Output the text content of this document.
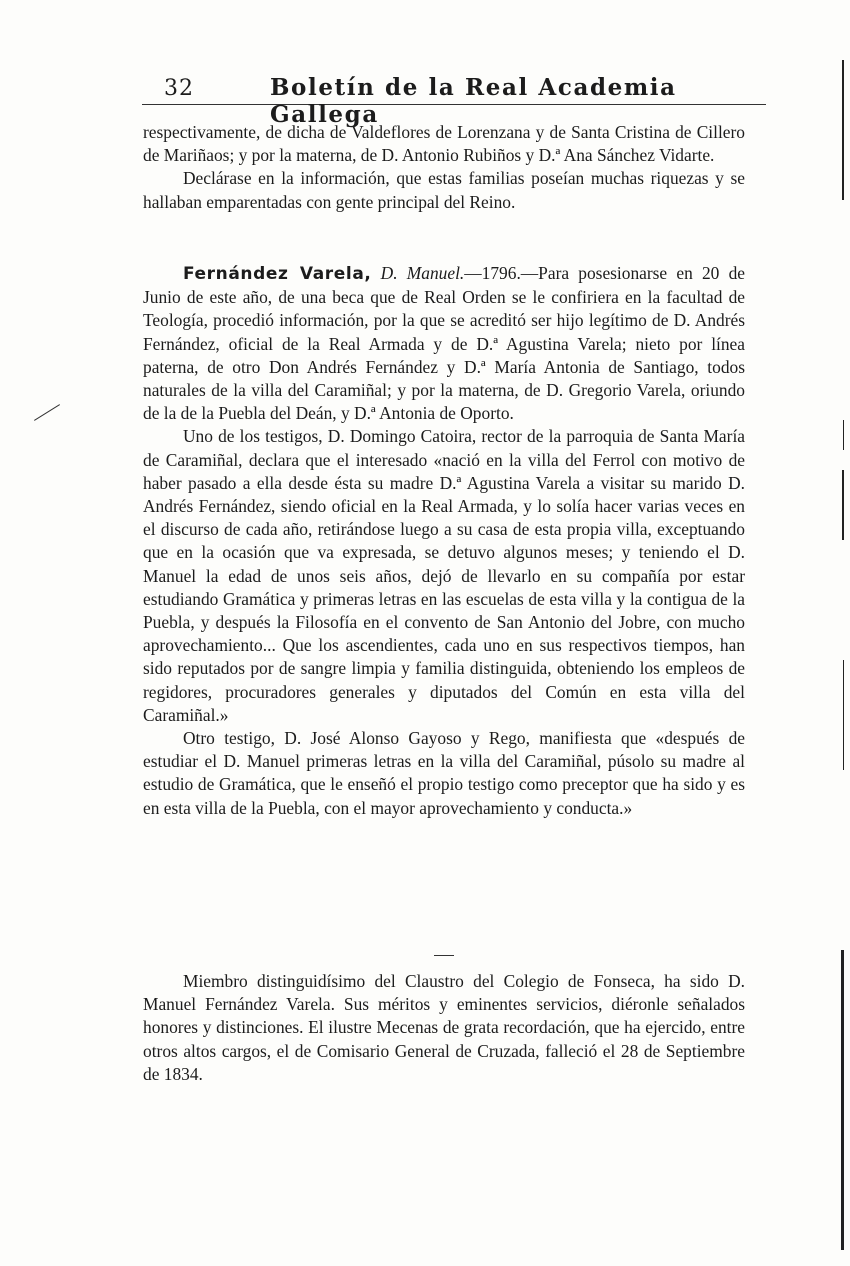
32	Boletín de la Real Academia Gallega

respectivamente, de dicha de Valdeflores de Lorenzana y de Santa Cristina de Cillero de Mariñaos; y por la materna, de D. Antonio Rubiños y D.ª Ana Sánchez Vidarte.

Declárase en la información, que estas familias poseían muchas riquezas y se hallaban emparentadas con gente principal del Reino.

Fernández Varela, D. Manuel.—1796.—Para posesionarse en 20 de Junio de este año, de una beca que de Real Orden se le confiriera en la facultad de Teología, procedió información, por la que se acreditó ser hijo legítimo de D. Andrés Fernández, oficial de la Real Armada y de D.ª Agustina Varela; nieto por línea paterna, de otro Don Andrés Fernández y D.ª María Antonia de Santiago, todos naturales de la villa del Caramiñal; y por la materna, de D. Gregorio Varela, oriundo de la de la Puebla del Deán, y D.ª Antonia de Oporto.

Uno de los testigos, D. Domingo Catoira, rector de la parroquia de Santa María de Caramiñal, declara que el interesado «nació en la villa del Ferrol con motivo de haber pasado a ella desde ésta su madre D.ª Agustina Varela a visitar su marido D. Andrés Fernández, siendo oficial en la Real Armada, y lo solía hacer varias veces en el discurso de cada año, retirándose luego a su casa de esta propia villa, exceptuando que en la ocasión que va expresada, se detuvo algunos meses; y teniendo el D. Manuel la edad de unos seis años, dejó de llevarlo en su compañía por estar estudiando Gramática y primeras letras en las escuelas de esta villa y la contigua de la Puebla, y después la Filosofía en el convento de San Antonio del Jobre, con mucho aprovechamiento... Que los ascendientes, cada uno en sus respectivos tiempos, han sido reputados por de sangre limpia y familia distinguida, obteniendo los empleos de regidores, procuradores generales y diputados del Común en esta villa del Caramiñal.»

Otro testigo, D. José Alonso Gayoso y Rego, manifiesta que «después de estudiar el D. Manuel primeras letras en la villa del Caramiñal, púsolo su madre al estudio de Gramática, que le enseñó el propio testigo como preceptor que ha sido y es en esta villa de la Puebla, con el mayor aprovechamiento y conducta.»

Miembro distinguidísimo del Claustro del Colegio de Fonseca, ha sido D. Manuel Fernández Varela. Sus méritos y eminentes servicios, diéronle señalados honores y distinciones. El ilustre Mecenas de grata recordación, que ha ejercido, entre otros altos cargos, el de Comisario General de Cruzada, falleció el 28 de Septiembre de 1834.
